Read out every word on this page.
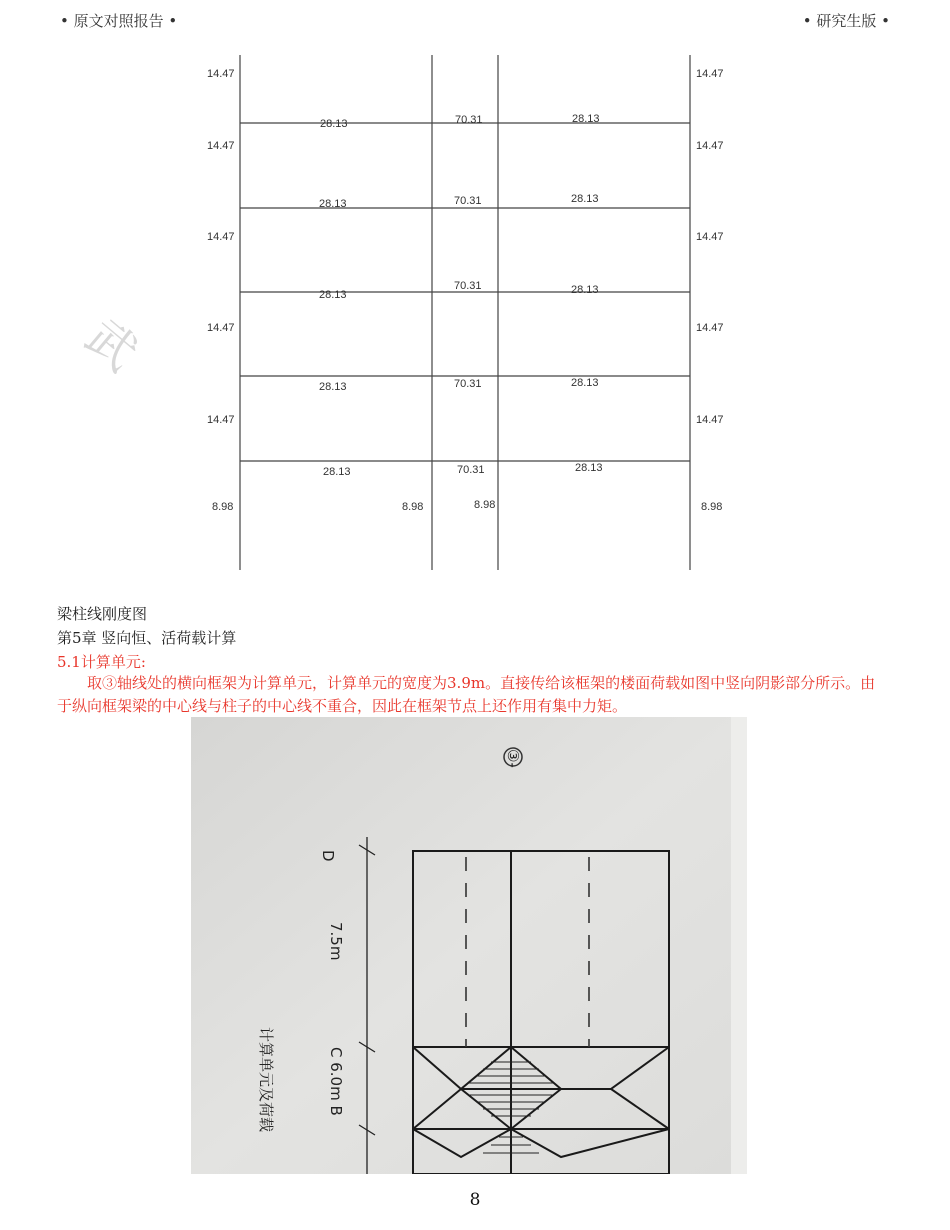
• 原文对照报告 •	• 研究生版 •
武
14.47
14.47
14.47
14.47
14.47
14.47
14.47
14.47
14.47
14.47
28.13
28.13
28.13
28.13
28.13
70.31
70.31
70.31
70.31
70.31
28.13
28.13
28.13
28.13
28.13
8.98	8.98	8.98	8.98
梁柱线刚度图
第5章 竖向恒、活荷载计算
5.1计算单元:
取③轴线处的横向框架为计算单元，计算单元的宽度为3.9m。直接传给该框架的楼面荷载如图中竖向阴影部分所示。由于纵向框架梁的中心线与柱子的中心线不重合，因此在框架节点上还作用有集中力矩。
③-
D
7.5m
C 6.0m B
计算单元及荷载
8
